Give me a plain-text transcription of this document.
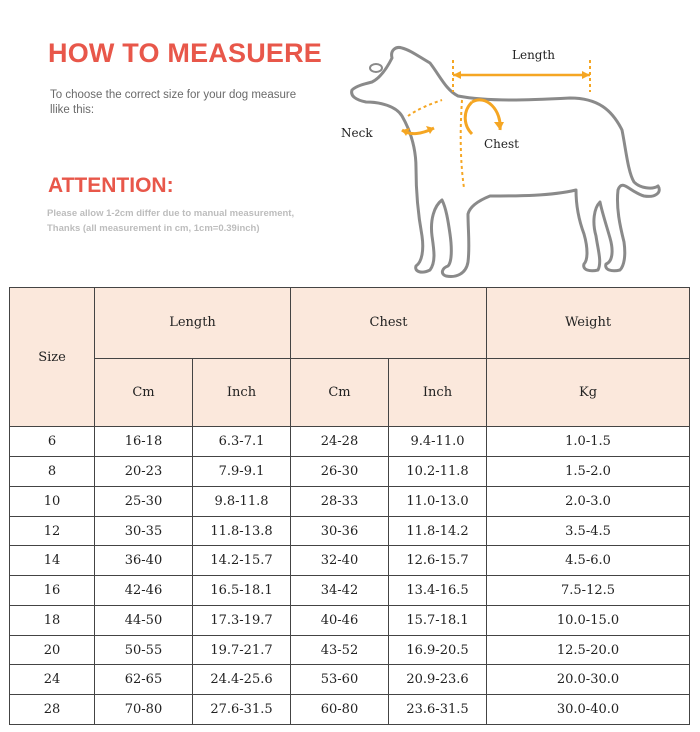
HOW TO MEASUERE
To choose the correct size for your dog measure llike this:
ATTENTION:
Please allow 1-2cm differ due to manual measurement,
Thanks (all measurement in cm, 1cm=0.39inch)
Length
Neck
Chest
Size	Length		Chest		Weight
	Cm	Inch	Cm	Inch	Kg
6	16-18	6.3-7.1	24-28	9.4-11.0	1.0-1.5
8	20-23	7.9-9.1	26-30	10.2-11.8	1.5-2.0
10	25-30	9.8-11.8	28-33	11.0-13.0	2.0-3.0
12	30-35	11.8-13.8	30-36	11.8-14.2	3.5-4.5
14	36-40	14.2-15.7	32-40	12.6-15.7	4.5-6.0
16	42-46	16.5-18.1	34-42	13.4-16.5	7.5-12.5
18	44-50	17.3-19.7	40-46	15.7-18.1	10.0-15.0
20	50-55	19.7-21.7	43-52	16.9-20.5	12.5-20.0
24	62-65	24.4-25.6	53-60	20.9-23.6	20.0-30.0
28	70-80	27.6-31.5	60-80	23.6-31.5	30.0-40.0
